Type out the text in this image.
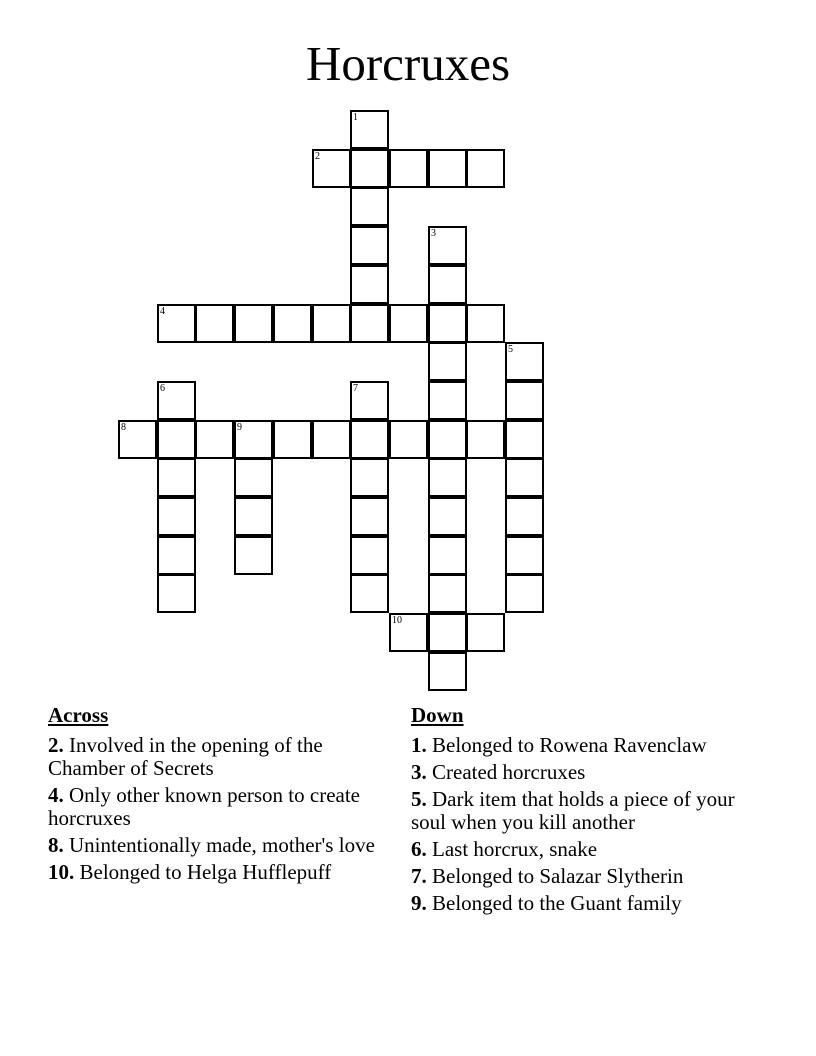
Horcruxes
1
2
3
4
5
6	7
8	9
10
Across
2. Involved in the opening of the Chamber of Secrets
4. Only other known person to create horcruxes
8. Unintentionally made, mother's love
10. Belonged to Helga Hufflepuff
Down
1. Belonged to Rowena Ravenclaw
3. Created horcruxes
5. Dark item that holds a piece of your soul when you kill another
6. Last horcrux, snake
7. Belonged to Salazar Slytherin
9. Belonged to the Guant family
